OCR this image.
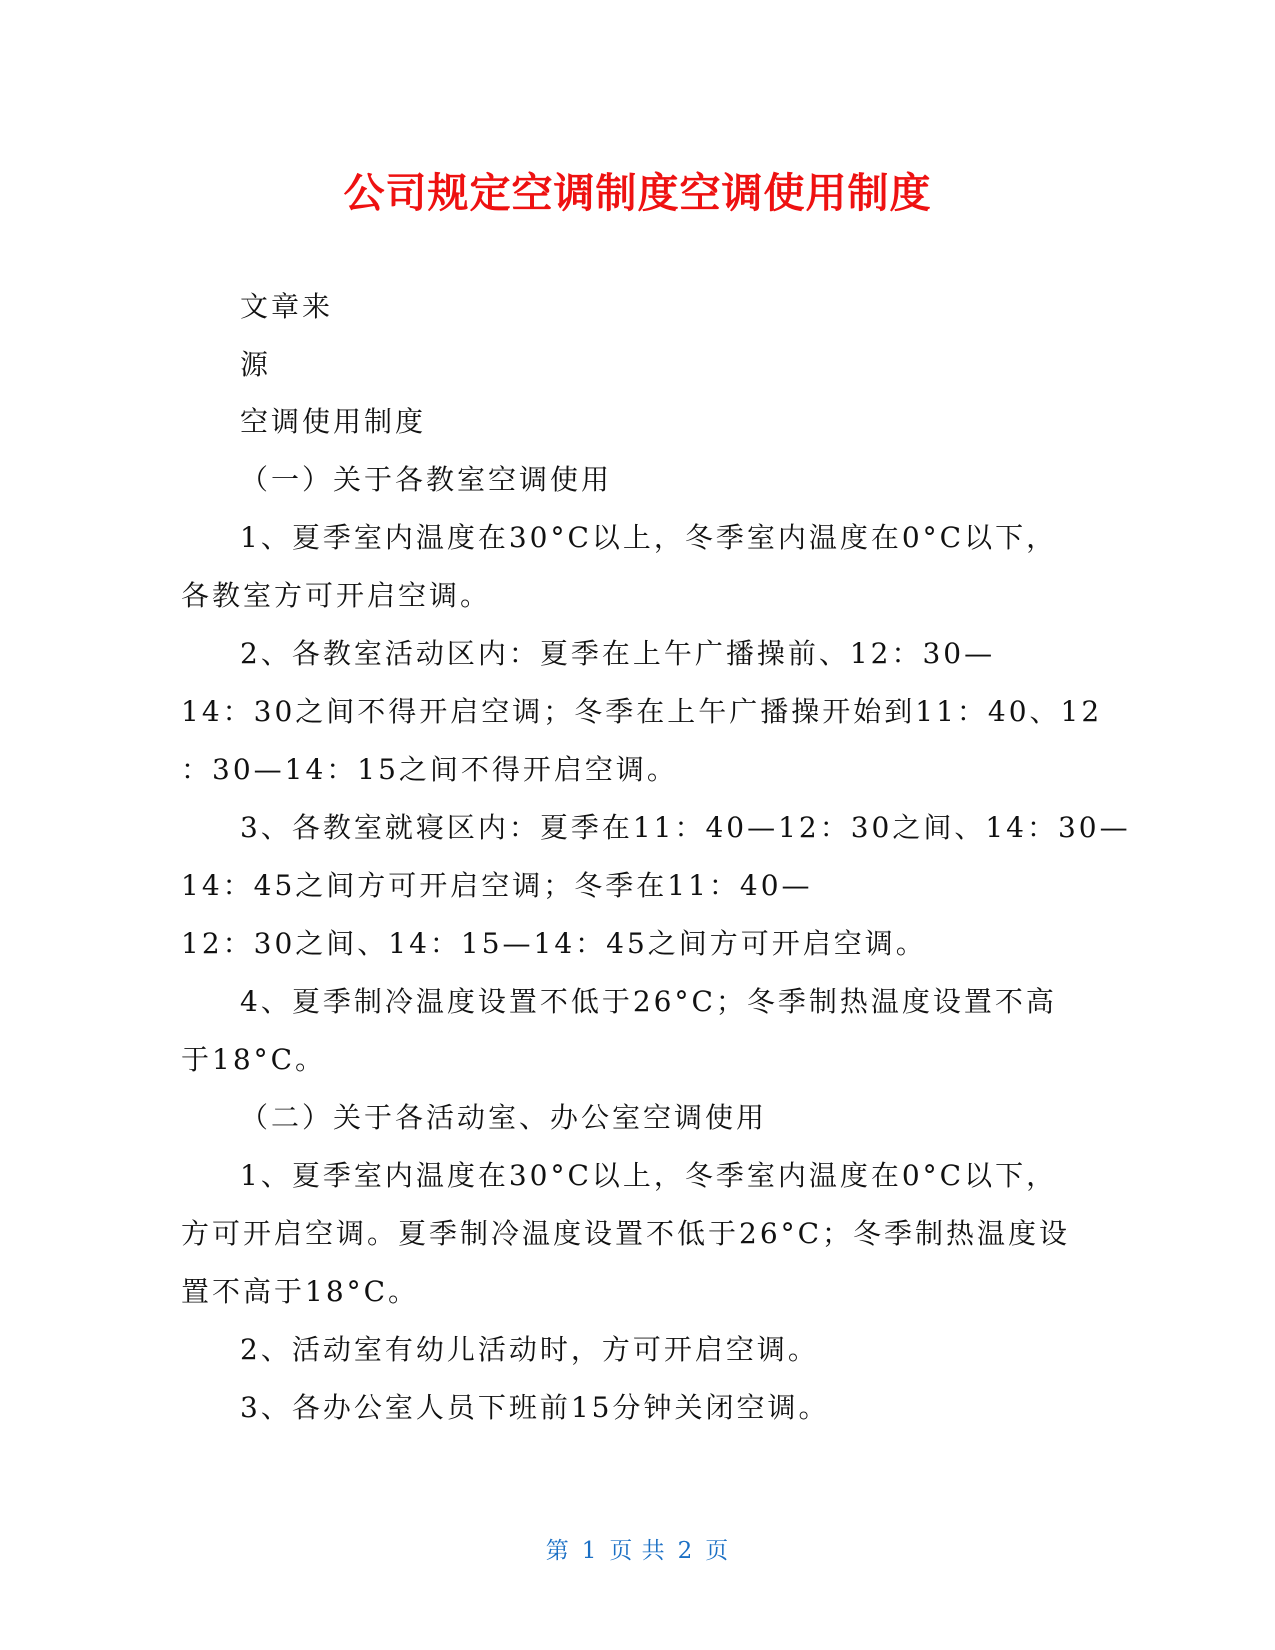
公司规定空调制度空调使用制度

文章来

源

空调使用制度

（一）关于各教室空调使用

1、夏季室内温度在30°C以上，冬季室内温度在0°C以下，

各教室方可开启空调。

2、各教室活动区内：夏季在上午广播操前、12：30—

14：30之间不得开启空调；冬季在上午广播操开始到11：40、12

：30—14：15之间不得开启空调。

3、各教室就寝区内：夏季在11：40—12：30之间、14：30—

14：45之间方可开启空调；冬季在11：40—

12：30之间、14：15—14：45之间方可开启空调。

4、夏季制冷温度设置不低于26°C；冬季制热温度设置不高

于18°C。

（二）关于各活动室、办公室空调使用

1、夏季室内温度在30°C以上，冬季室内温度在0°C以下，

方可开启空调。夏季制冷温度设置不低于26°C；冬季制热温度设

置不高于18°C。

2、活动室有幼儿活动时，方可开启空调。

3、各办公室人员下班前15分钟关闭空调。

第 1 页 共 2 页
